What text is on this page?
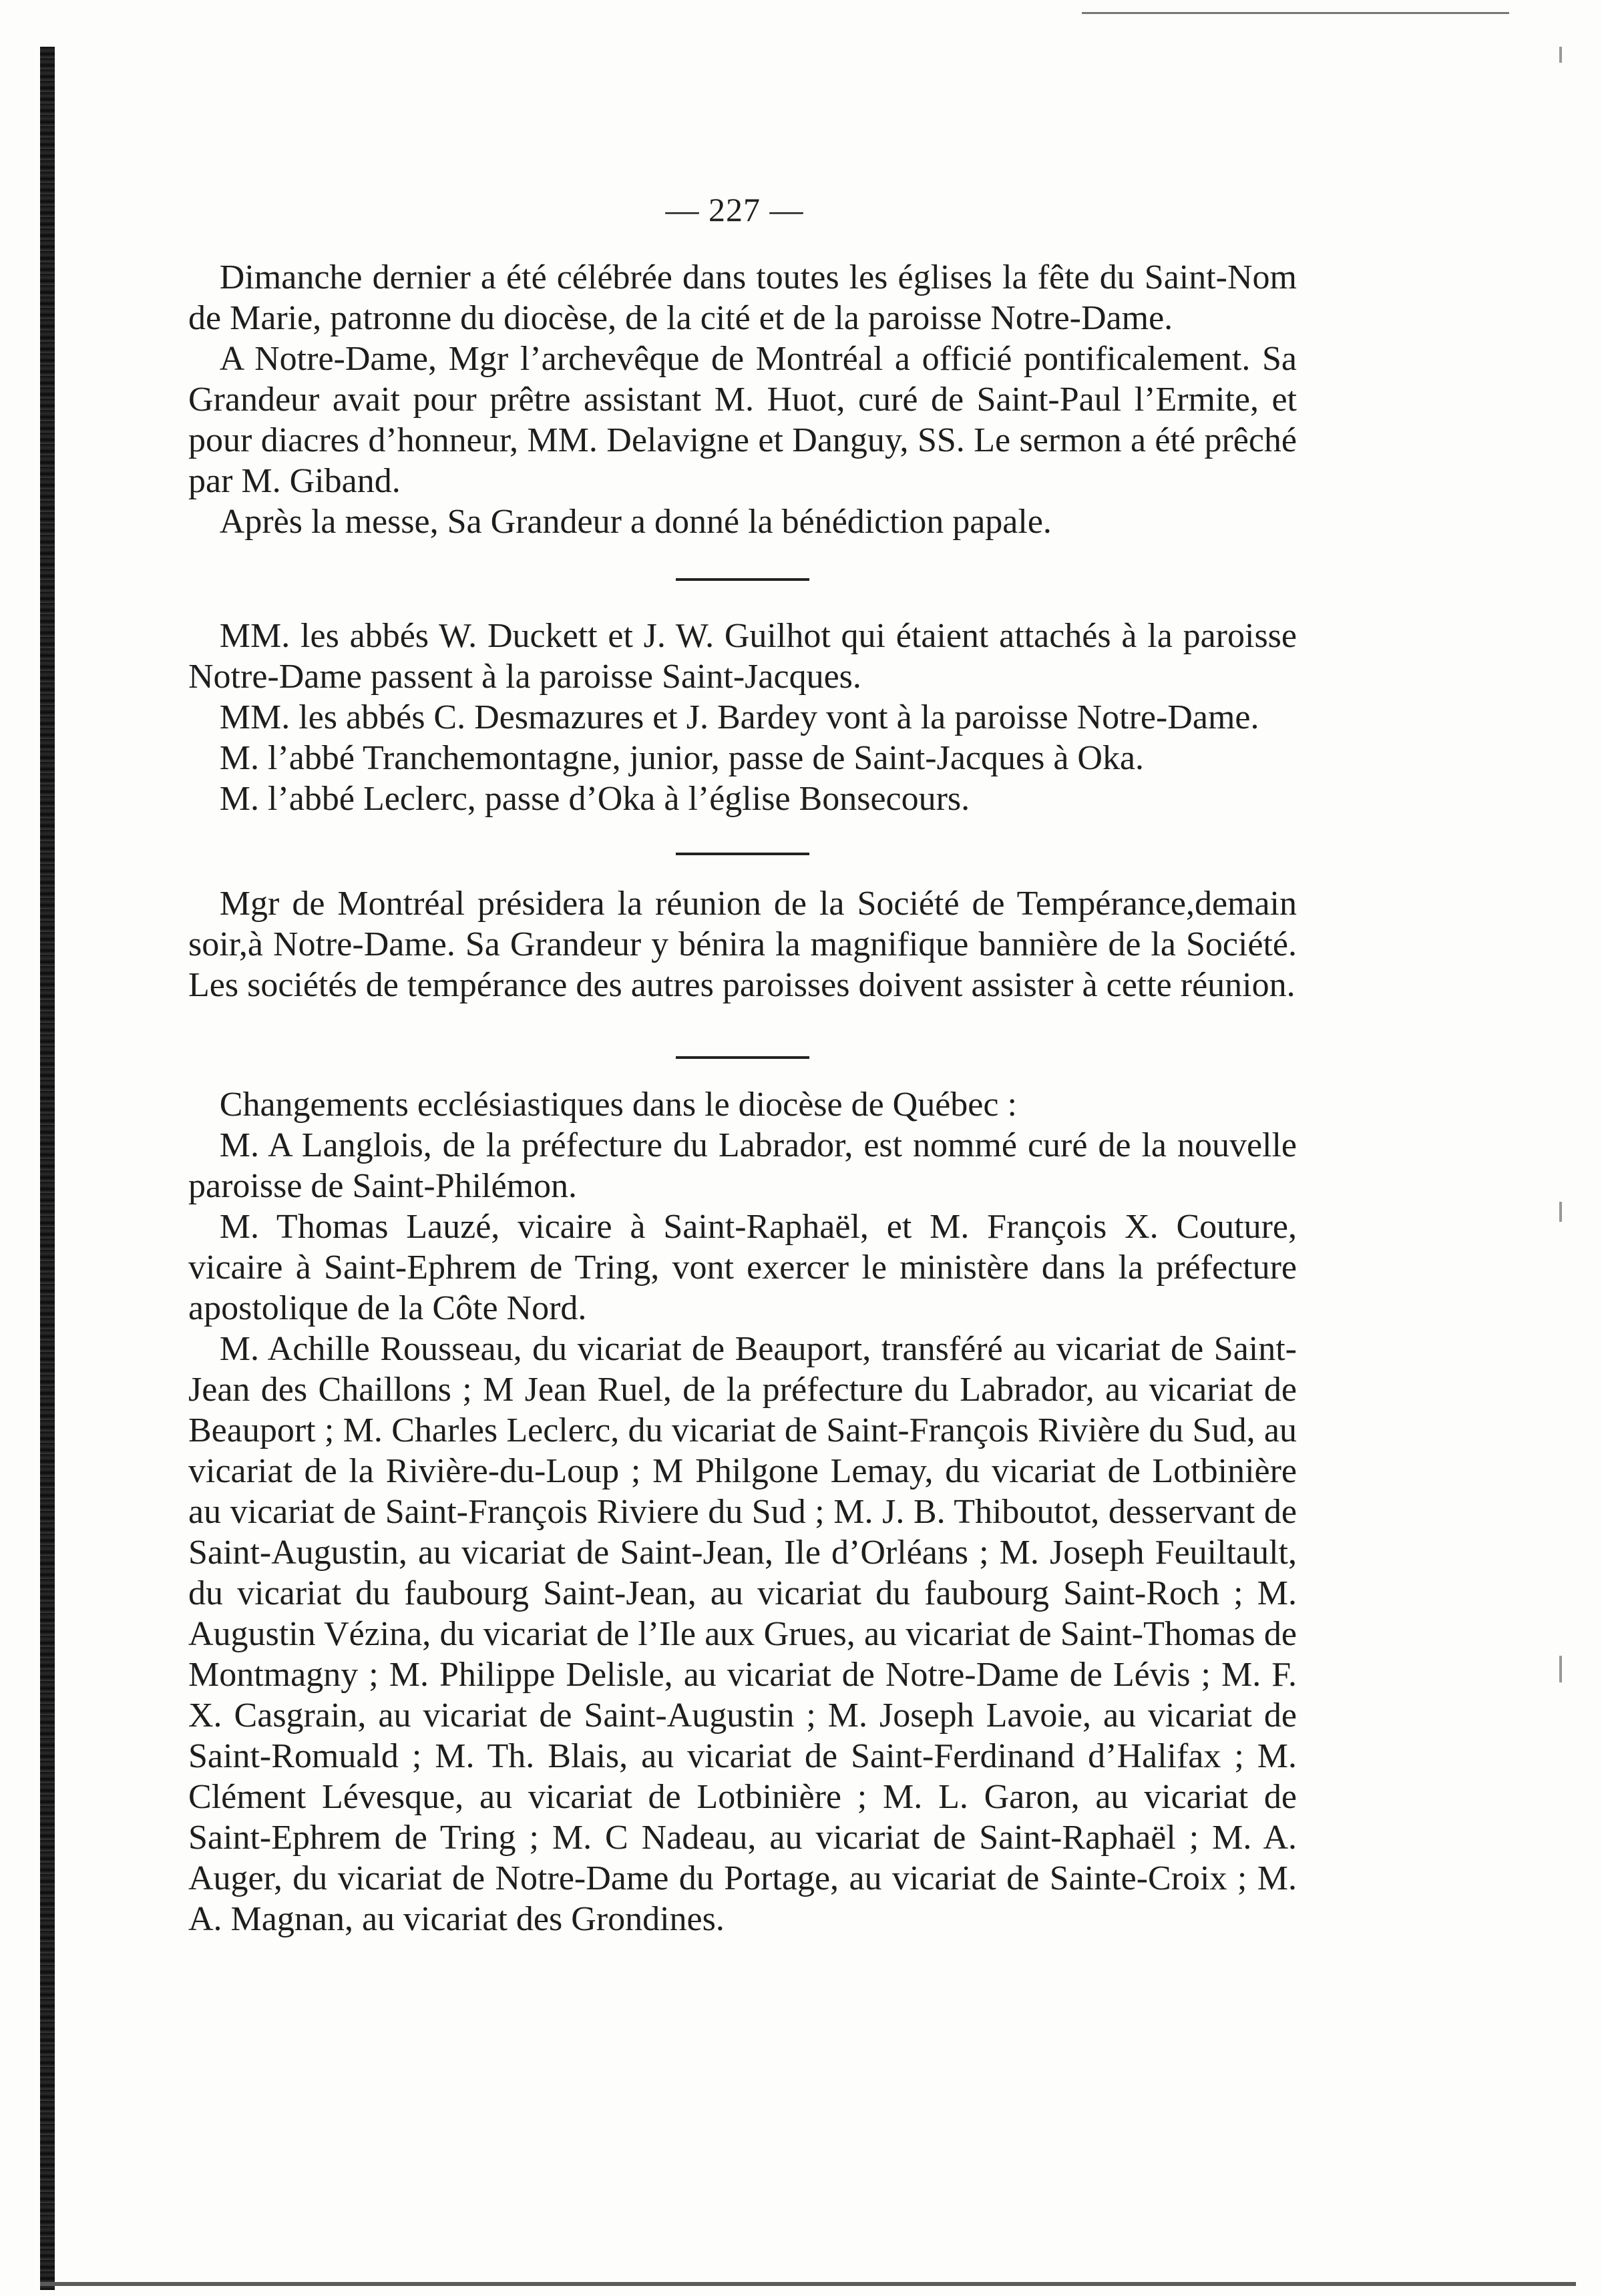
— 227 —

Dimanche dernier a été célébrée dans toutes les églises la fête du Saint-Nom de Marie, patronne du diocèse, de la cité et de la paroisse Notre-Dame.

A Notre-Dame, Mgr l’archevêque de Montréal a officié pontificalement. Sa Grandeur avait pour prêtre assistant M. Huot, curé de Saint-Paul l’Ermite, et pour diacres d’honneur, MM. Delavigne et Danguy, SS. Le sermon a été prêché par M. Giband.

Après la messe, Sa Grandeur a donné la bénédiction papale.

MM. les abbés W. Duckett et J. W. Guilhot qui étaient attachés à la paroisse Notre-Dame passent à la paroisse Saint-Jacques.

MM. les abbés C. Desmazures et J. Bardey vont à la paroisse Notre-Dame.

M. l’abbé Tranchemontagne, junior, passe de Saint-Jacques à Oka.

M. l’abbé Leclerc, passe d’Oka à l’église Bonsecours.

Mgr de Montréal présidera la réunion de la Société de Tempérance,demain soir,à Notre-Dame. Sa Grandeur y bénira la magnifique bannière de la Société. Les sociétés de tempérance des autres paroisses doivent assister à cette réunion.

Changements ecclésiastiques dans le diocèse de Québec :

M. A Langlois, de la préfecture du Labrador, est nommé curé de la nouvelle paroisse de Saint-Philémon.

M. Thomas Lauzé, vicaire à Saint-Raphaël, et M. François X. Couture, vicaire à Saint-Ephrem de Tring, vont exercer le ministère dans la préfecture apostolique de la Côte Nord.

M. Achille Rousseau, du vicariat de Beauport, transféré au vicariat de Saint-Jean des Chaillons ; M Jean Ruel, de la préfecture du Labrador, au vicariat de Beauport ; M. Charles Leclerc, du vicariat de Saint-François Rivière du Sud, au vicariat de la Rivière-du-Loup ; M Philgone Lemay, du vicariat de Lotbinière au vicariat de Saint-François Riviere du Sud ; M. J. B. Thiboutot, desservant de Saint-Augustin, au vicariat de Saint-Jean, Ile d’Orléans ; M. Joseph Feuiltault, du vicariat du faubourg Saint-Jean, au vicariat du faubourg Saint-Roch ; M. Augustin Vézina, du vicariat de l’Ile aux Grues, au vicariat de Saint-Thomas de Montmagny ; M. Philippe Delisle, au vicariat de Notre-Dame de Lévis ; M. F. X. Casgrain, au vicariat de Saint-Augustin ; M. Joseph Lavoie, au vicariat de Saint-Romuald ; M. Th. Blais, au vicariat de Saint-Ferdinand d’Halifax ; M. Clément Lévesque, au vicariat de Lotbinière ; M. L. Garon, au vicariat de Saint-Ephrem de Tring ; M. C Nadeau, au vicariat de Saint-Raphaël ; M. A. Auger, du vicariat de Notre-Dame du Portage, au vicariat de Sainte-Croix ; M. A. Magnan, au vicariat des Grondines.
